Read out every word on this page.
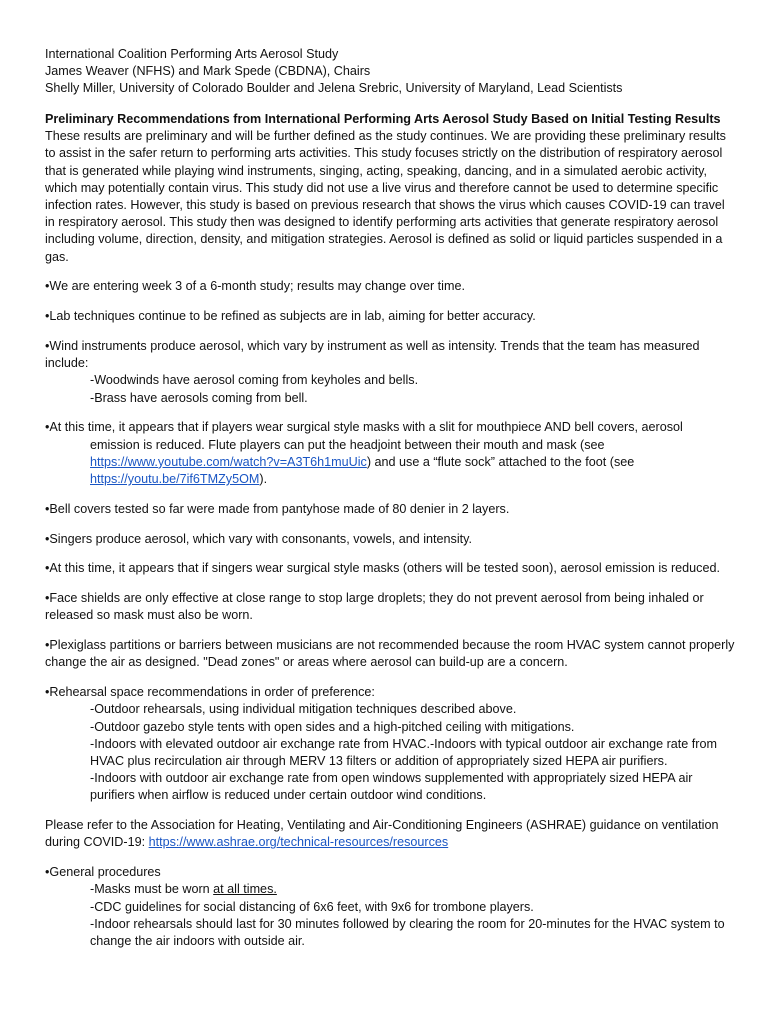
International Coalition Performing Arts Aerosol Study
James Weaver (NFHS) and Mark Spede (CBDNA), Chairs
Shelly Miller, University of Colorado Boulder and Jelena Srebric, University of Maryland, Lead Scientists
Preliminary Recommendations from International Performing Arts Aerosol Study Based on Initial Testing Results
These results are preliminary and will be further defined as the study continues. We are providing these preliminary results to assist in the safer return to performing arts activities. This study focuses strictly on the distribution of respiratory aerosol that is generated while playing wind instruments, singing, acting, speaking, dancing, and in a simulated aerobic activity, which may potentially contain virus. This study did not use a live virus and therefore cannot be used to determine specific infection rates. However, this study is based on previous research that shows the virus which causes COVID-19 can travel in respiratory aerosol. This study then was designed to identify performing arts activities that generate respiratory aerosol including volume, direction, density, and mitigation strategies. Aerosol is defined as solid or liquid particles suspended in a gas.
•We are entering week 3 of a 6-month study; results may change over time.
•Lab techniques continue to be refined as subjects are in lab, aiming for better accuracy.
•Wind instruments produce aerosol, which vary by instrument as well as intensity. Trends that the team has measured include:
-Woodwinds have aerosol coming from keyholes and bells.
-Brass have aerosols coming from bell.
•At this time, it appears that if players wear surgical style masks with a slit for mouthpiece AND bell covers, aerosol
emission is reduced. Flute players can put the headjoint between their mouth and mask (see https://www.youtube.com/watch?v=A3T6h1muUic) and use a “flute sock” attached to the foot (see https://youtu.be/7if6TMZy5OM).
•Bell covers tested so far were made from pantyhose made of 80 denier in 2 layers.
•Singers produce aerosol, which vary with consonants, vowels, and intensity.
•At this time, it appears that if singers wear surgical style masks (others will be tested soon), aerosol emission is reduced.
•Face shields are only effective at close range to stop large droplets; they do not prevent aerosol from being inhaled or released so mask must also be worn.
•Plexiglass partitions or barriers between musicians are not recommended because the room HVAC system cannot properly change the air as designed. "Dead zones" or areas where aerosol can build-up are a concern.
•Rehearsal space recommendations in order of preference:
-Outdoor rehearsals, using individual mitigation techniques described above.
-Outdoor gazebo style tents with open sides and a high-pitched ceiling with mitigations.
-Indoors with elevated outdoor air exchange rate from HVAC.-Indoors with typical outdoor air exchange rate from HVAC plus recirculation air through MERV 13 filters or addition of appropriately sized HEPA air purifiers.
-Indoors with outdoor air exchange rate from open windows supplemented with appropriately sized HEPA air purifiers when airflow is reduced under certain outdoor wind conditions.
Please refer to the Association for Heating, Ventilating and Air-Conditioning Engineers (ASHRAE) guidance on ventilation during COVID-19: https://www.ashrae.org/technical-resources/resources
•General procedures
-Masks must be worn at all times.
-CDC guidelines for social distancing of 6x6 feet, with 9x6 for trombone players.
-Indoor rehearsals should last for 30 minutes followed by clearing the room for 20-minutes for the HVAC system to change the air indoors with outside air.
